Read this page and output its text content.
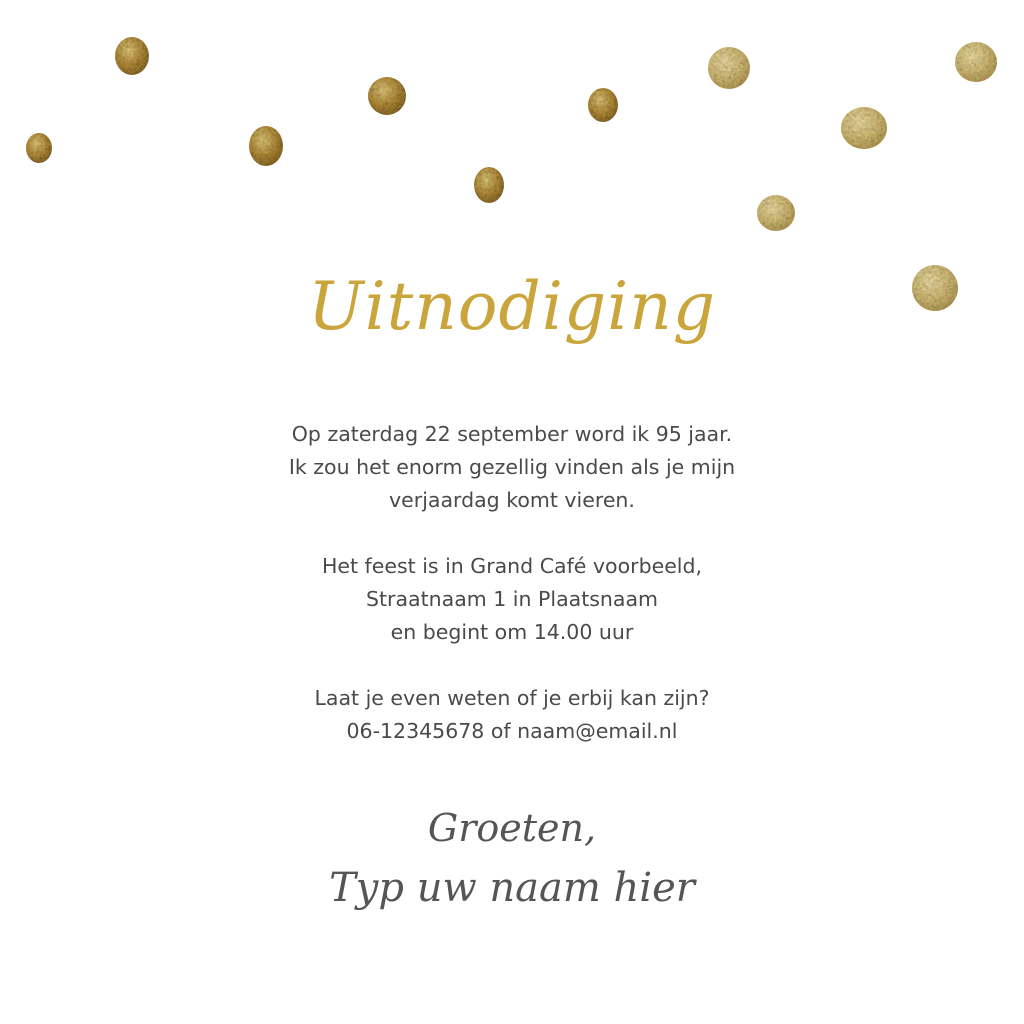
Uitnodiging
Op zaterdag 22 september word ik 95 jaar.
Ik zou het enorm gezellig vinden als je mijn
verjaardag komt vieren.
Het feest is in Grand Café voorbeeld,
Straatnaam 1 in Plaatsnaam
en begint om 14.00 uur
Laat je even weten of je erbij kan zijn?
06-12345678 of naam@email.nl
Groeten,
Typ uw naam hier
